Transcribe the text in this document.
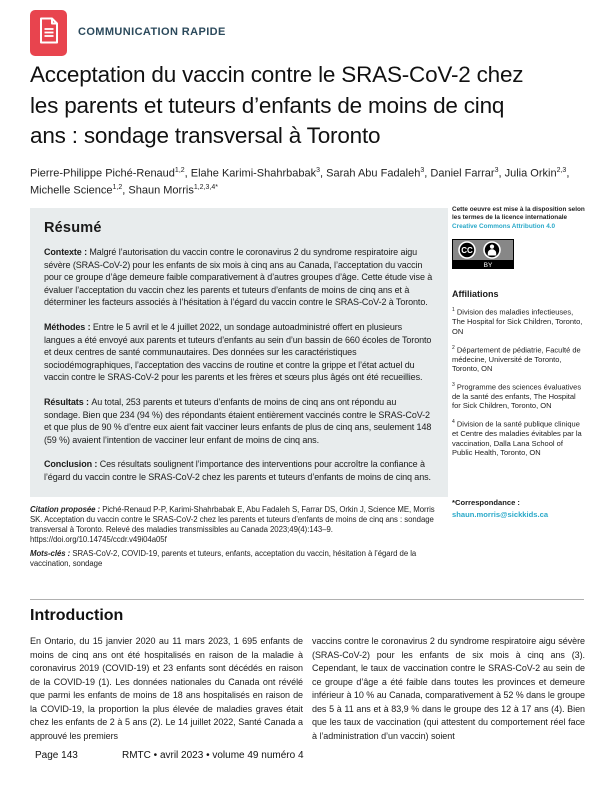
COMMUNICATION RAPIDE
Acceptation du vaccin contre le SRAS-CoV-2 chez
les parents et tuteurs d’enfants de moins de cinq
ans : sondage transversal à Toronto
Pierre-Philippe Piché-Renaud$^{1,2}$, Elahe Karimi-Shahrbabak$^3$, Sarah Abu Fadaleh$^3$, Daniel Farrar$^3$, Julia Orkin$^{2,3}$, Michelle Science$^{1,2}$, Shaun Morris$^{1,2,3,4*}$
Résumé

Contexte : Malgré l’autorisation du vaccin contre le coronavirus 2 du syndrome respiratoire aigu sévère (SRAS-CoV-2) pour les enfants de six mois à cinq ans au Canada, l’acceptation du vaccin pour ce groupe d’âge demeure faible comparativement à d’autres groupes d’âge. Cette étude vise à évaluer l’acceptation du vaccin chez les parents et tuteurs d’enfants de moins de cinq ans et à déterminer les facteurs associés à l’hésitation à l’égard du vaccin contre le SRAS-CoV-2 à Toronto.

Méthodes : Entre le 5 avril et le 4 juillet 2022, un sondage autoadministré offert en plusieurs langues a été envoyé aux parents et tuteurs d’enfants au sein d’un bassin de 660 écoles de Toronto et deux centres de santé communautaires. Des données sur les caractéristiques sociodémographiques, l’acceptation des vaccins de routine et contre la grippe et l’état actuel du vaccin contre le SRAS-CoV-2 pour les parents et les frères et sœurs plus âgés ont été recueillies.

Résultats : Au total, 253 parents et tuteurs d’enfants de moins de cinq ans ont répondu au sondage. Bien que 234 (94 %) des répondants étaient entièrement vaccinés contre le SRAS-CoV-2 et que plus de 90 % d’entre eux aient fait vacciner leurs enfants de plus de cinq ans, seulement 148 (59 %) avaient l’intention de vacciner leur enfant de moins de cinq ans.

Conclusion : Ces résultats soulignent l’importance des interventions pour accroître la confiance à l’égard du vaccin contre le SRAS-CoV-2 chez les parents et tuteurs d’enfants de moins de cinq ans.

Citation proposée : Piché-Renaud P-P, Karimi-Shahrbabak E, Abu Fadaleh S, Farrar DS, Orkin J, Science ME, Morris SK. Acceptation du vaccin contre le SRAS-CoV-2 chez les parents et tuteurs d’enfants de moins de cinq ans : sondage transversal à Toronto. Relevé des maladies transmissibles au Canada 2023;49(4):143–9.
https://doi.org/10.14745/ccdr.v49i04a05f

Mots-clés : SRAS-CoV-2, COVID-19, parents et tuteurs, enfants, acceptation du vaccin, hésitation à l’égard de la vaccination, sondage

Cette oeuvre est mise à la disposition selon
les termes de la licence internationale
Creative Commons Attribution 4.0
BY
CC
Affiliations

$^1$ Division des maladies infectieuses, The Hospital for Sick Children, Toronto, ON

$^2$ Département de pédiatrie, Faculté de médecine, Université de Toronto, Toronto, ON

$^3$ Programme des sciences évaluatives de la santé des enfants, The Hospital for Sick Children, Toronto, ON

$^4$ Division de la santé publique clinique et Centre des maladies évitables par la vaccination, Dalla Lana School of Public Health, Toronto, ON

*Correspondance :
shaun.morris@sickkids.ca
Introduction
En Ontario, du 15 janvier 2020 au 11 mars 2023, 1 695 enfants de moins de cinq ans ont été hospitalisés en raison de la maladie à coronavirus 2019 (COVID-19) et 23 enfants sont décédés en raison de la COVID-19 (1). Les données nationales du Canada ont révélé que parmi les enfants de moins de 18 ans hospitalisés en raison de la COVID-19, la proportion la plus élevée de maladies graves était chez les enfants de 2 à 5 ans (2). Le 14 juillet 2022, Santé Canada a approuvé les premiers
vaccins contre le coronavirus 2 du syndrome respiratoire aigu sévère (SRAS-CoV-2) pour les enfants de six mois à cinq ans (3). Cependant, le taux de vaccination contre le SRAS-CoV-2 au sein de ce groupe d’âge a été faible dans toutes les provinces et demeure inférieur à 10 % au Canada, comparativement à 52 % dans le groupe des 5 à 11 ans et à 83,9 % dans le groupe des 12 à 17 ans (4). Bien que les taux de vaccination (qui attestent du comportement réel face à l’administration d’un vaccin) soient
Page 143	RMTC • avril 2023 • volume 49 numéro 4
